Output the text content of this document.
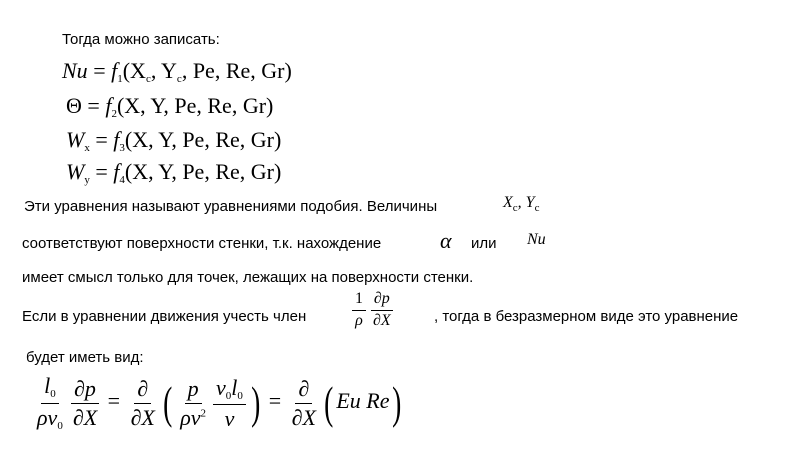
Тогда можно записать:
$Nu = f_1(X_c$, $Y_c$, Pe, Re, Gr)
$\Theta = f_2(X$, Y, Pe, Re, Gr)
$W_x = f_3(X$, Y, Pe, Re, Gr)
$W_y = f_4(X$, Y, Pe, Re, Gr)
Эти уравнения называют уравнениями подобия. Величины	$X_c$, $Y_c$
соответствуют поверхности стенки, т.к. нахождение	α или Nu
имеет смысл только для точек, лежащих на поверхности стенки.
Если в уравнении движения учесть член	$\frac{1}{\rho} \frac{\partial p}{\partial X}$	, тогда в безразмерном виде это уравнение
будет иметь вид:
$\frac{l_0}{\rho v_0} \frac{\partial p}{\partial X} = \frac{\partial}{\partial X}$ ( $\frac{p}{\rho v^2} \frac{v_0l_0}{\nu}$ ) = $\frac{\partial}{\partial X}$ ( Eu Re)
